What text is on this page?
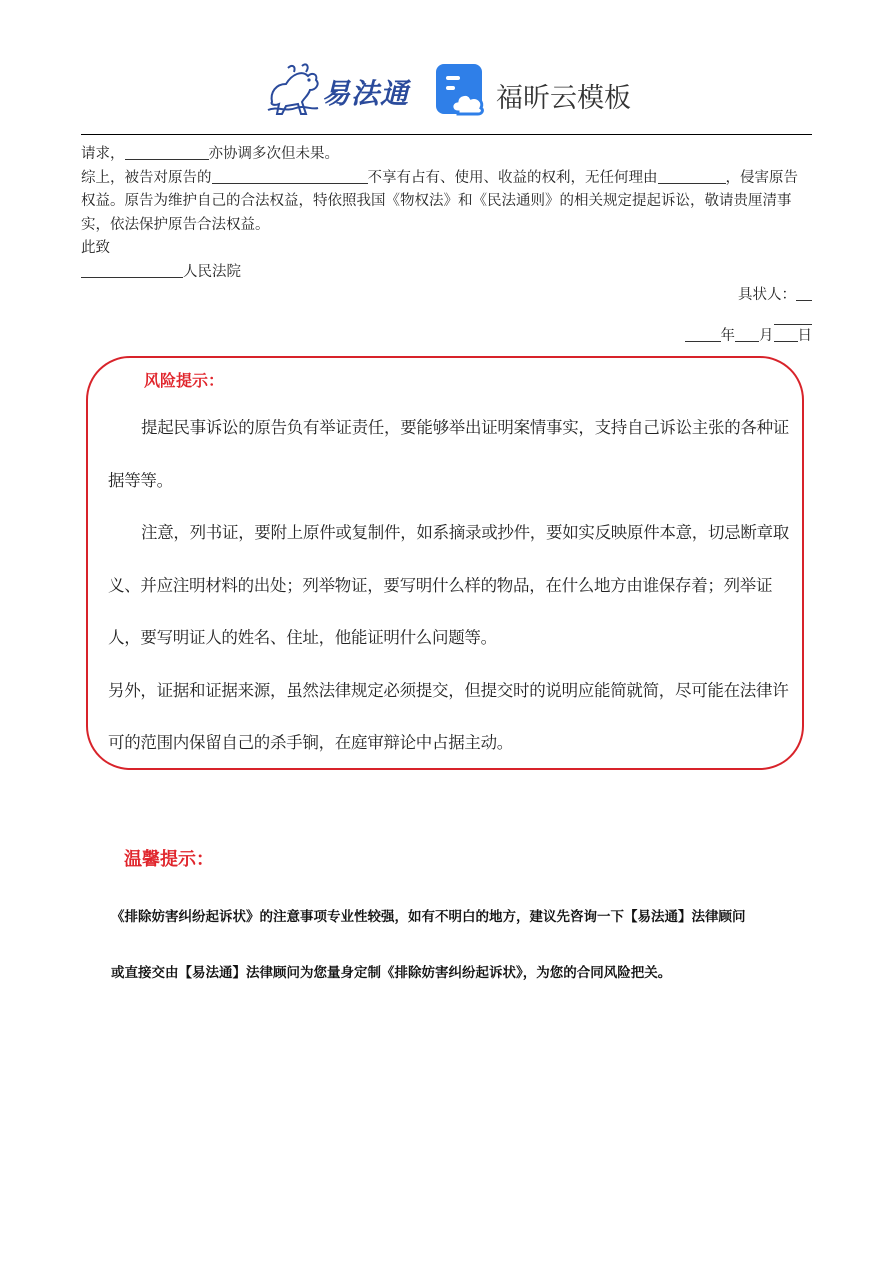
易法通	福昕云模板

请求，	亦协调多次但未果。

综上，被告对原告的	不享有占有、使用、收益的权利，无任何理由	，侵害原告权益。原告为维护自己的合法权益，特依照我国《物权法》和《民法通则》的相关规定提起诉讼，敬请贵厘清事实，依法保护原告合法权益。

此致

人民法院

具状人：

年 月 日

风险提示：

提起民事诉讼的原告负有举证责任，要能够举出证明案情事实，支持自己诉讼主张的各种证据等等。

注意，列书证，要附上原件或复制件，如系摘录或抄件，要如实反映原件本意，切忌断章取义、并应注明材料的出处；列举物证，要写明什么样的物品，在什么地方由谁保存着；列举证人，要写明证人的姓名、住址，他能证明什么问题等。

另外，证据和证据来源，虽然法律规定必须提交，但提交时的说明应能简就简，尽可能在法律许可的范围内保留自己的杀手锏，在庭审辩论中占据主动。

温馨提示：

《排除妨害纠纷起诉状》的注意事项专业性较强，如有不明白的地方，建议先咨询一下【易法通】法律顾问

或直接交由【易法通】法律顾问为您量身定制《排除妨害纠纷起诉状》，为您的合同风险把关。
